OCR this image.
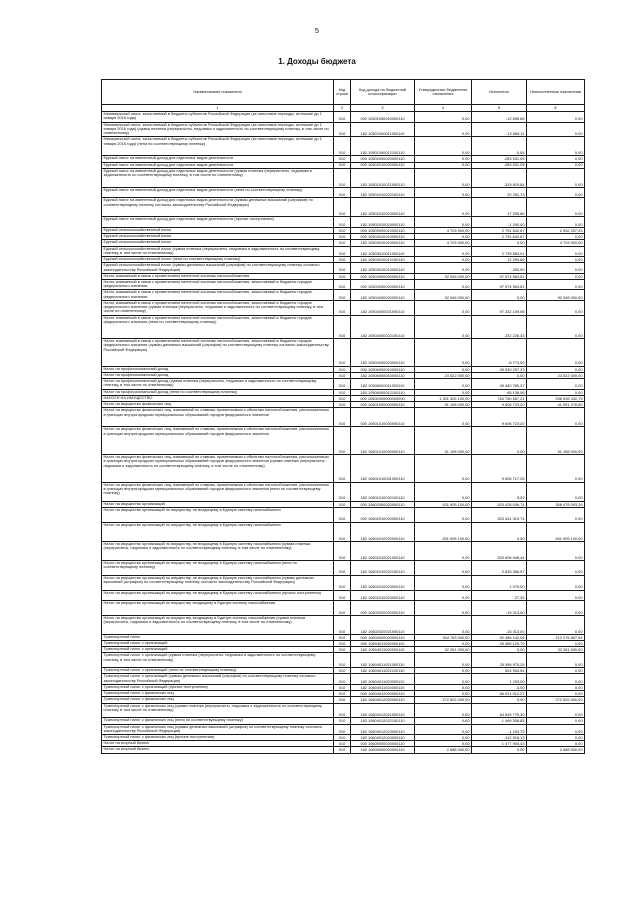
5
1. Доходы бюджета
Наименование показателя	Код строки	Код дохода по бюджетной классификации	Утвержденные бюджетные назначения	Исполнено	Неисполненные назначения
1	2	3	4	5	6
Минимальный налог, зачисляемый в бюджеты субъектов Российской Федерации (за налоговые периоды, истекшие до 1 января 2016 года)	010	000 10501050010000110	0,00	-12 696,66	0,00
Минимальный налог, зачисляемый в бюджеты субъектов Российской Федерации (за налоговые периоды, истекшие до 1 января 2016 года) (сумма платежа (перерасчеты, недоимка и задолженность по соответствующему платежу, в том числе по отмененному)	010	182 10501050011000110	0,00	-12 685,11	0,00
Минимальный налог, зачисляемый в бюджеты субъектов Российской Федерации (за налоговые периоды, истекшие до 1 января 2016 года) (пени по соответствующему платежу)	010	182 10501050012100110	0,00	-0,55	0,00
Единый налог на вмененный доход для отдельных видов деятельности	010	000 10502000020000110	0,00	-283 531,05	0,00
Единый налог на вмененный доход для отдельных видов деятельности	010	000 10502010020000110	0,00	-283 531,05	0,00
Единый налог на вмененный доход для отдельных видов деятельности (сумма платежа (перерасчеты, недоимка и задолженность по соответствующему платежу, в том числе по отмененному)	010	182 10502010021000110	0,00	-319 819,84	0,00
Единый налог на вмененный доход для отдельных видов деятельности (пени по соответствующему платежу)	010	182 10502010022100110	0,00	20 281,73	0,00
Единый налог на вмененный доход для отдельных видов деятельности (суммы денежных взысканий (штрафов) по соответствующему платежу согласно законодательству Российской Федерации)	010	182 10502010023000110	0,00	17 295,86	0,00
Единый налог на вмененный доход для отдельных видов деятельности (прочие поступления)	010	182 10502010024000110	0,00	-1 290,00	0,00
Единый сельскохозяйственный налог	010	000 10503000010000110	4 703 900,00	2 751 642,67	1 952 257,33
Единый сельскохозяйственный налог	010	000 10503010010000110	0,00	2 751 642,67	0,00
Единый сельскохозяйственный налог	010	182 10503010010000110	4 703 900,00	0,00	4 703 900,00
Единый сельскохозяйственный налог (сумма платежа (перерасчеты, недоимка и задолженность по соответствующему платежу, в том числе по отмененному)	010	182 10503010011000110	0,00	2 739 583,01	0,00
Единый сельскохозяйственный налог (пени по соответствующему платежу)	010	182 10503010012100110	0,00	12 299,66	0,00
Единый сельскохозяйственный налог (суммы денежных взысканий (штрафов) по соответствующему платежу согласно законодательству Российской Федерации)	010	182 10503010013000110	0,00	-250,00	0,00
Налог, взимаемый в связи с применением патентной системы налогообложения	010	000 10504000020000110	92 948 000,00	97 574 563,51	0,00
Налог, взимаемый в связи с применением патентной системы налогообложения, зачисляемый в бюджеты городов федерального значения	010	000 10504030020000110	0,00	97 574 563,51	0,00
Налог, взимаемый в связи с применением патентной системы налогообложения, зачисляемый в бюджеты городов федерального значения	010	182 10504030020000110	92 948 000,00	0,00	92 948 000,00
Налог, взимаемый в связи с применением патентной системы налогообложения, зачисляемый в бюджеты городов федерального значения (сумма платежа (перерасчеты, недоимка и задолженность по соответствующему платежу, в том числе по отмененному)	010	182 10504030021000110	0,00	97 332 109,08	0,00
Налог, взимаемый в связи с применением патентной системы налогообложения, зачисляемый в бюджеты городов федерального значения (пени по соответствующему платежу)	010	182 10504030022100110	0,00	232 226,33	0,00
Налог, взимаемый в связи с применением патентной системы налогообложения, зачисляемый в бюджеты городов федерального значения (суммы денежных взысканий (штрафов) по соответствующему платежу согласно законодательству Российской Федерации)	010	182 10504030023000110	0,00	-8 773,90	0,00
Налог на профессиональный доход	010	000 10506000010000110	0,00	45 539 257,23	0,00
Налог на профессиональный доход	010	182 10506000010000110	23 522 000,00	0,00	23 522 000,00
Налог на профессиональный доход (сумма платежа (перерасчеты, недоимка и задолженность по соответствующему платежу, в том числе по отмененному)	010	182 10506000011000110	0,00	45 440 789,37	0,00
Налог на профессиональный доход (пени по соответствующему платежу)	010	182 10506000012100110	0,00	65 138,56	0,00
НАЛОГИ НА ИМУЩЕСТВО	010	000 10600000000000000	1 301 326 100,00	764 760 667,21	536 539 432,79
Налог на имущество физических лиц	010	000 10601000000000110	51 198 000,00	9 606 723,20	41 591 276,80
Налог на имущество физических лиц, взимаемый по ставкам, применяемым к объектам налогообложения, расположенным в границах внутригородских муниципальных образований городов федерального значения	010	000 10601010030000110	0,00	9 606 723,20	0,00
Налог на имущество физических лиц, взимаемый по ставкам, применяемым к объектам налогообложения, расположенным в границах внутригородских муниципальных образований городов федерального значения	010	182 10601010030000110	51 198 000,00	0,00	51 198 000,00
Налог на имущество физических лиц, взимаемый по ставкам, применяемым к объектам налогообложения, расположенным в границах внутригородских муниципальных образований городов федерального значения (сумма платежа (перерасчеты, недоимка и задолженность по соответствующему платежу, в том числе по отмененному)	010	182 10601010031000110	0,00	9 606 717,26	0,00
Налог на имущество физических лиц, взимаемый по ставкам, применяемым к объектам налогообложения, расположенным в границах внутригородских муниципальных образований городов федерального значения (пени по соответствующему платежу)	010	182 10601010032100110	0,00	5,92	0,00
Налог на имущество организаций	010	000 10602000020000110	631 905 100,00	523 426 006,74	308 479 093,26
Налог на имущество организаций по имуществу, не входящему в Единую систему газоснабжения	010	000 10602010020000110	0,00	523 441 319,74	0,00
Налог на имущество организаций по имуществу, не входящему в Единую систему газоснабжения	010	182 10602010020000110	831 905 100,00	0,00	831 905 100,00
Налог на имущество организаций по имуществу, не входящему в Единую систему газоснабжения (сумма платежа (перерасчеты, недоимка и задолженность по соответствующему платежу, в том числе по отмененному)	010	182 10602010021000110	0,00	520 606 948,44	0,00
Налог на имущество организаций по имуществу, не входящему в Единую систему газоснабжения (пени по соответствующему платежу)	010	182 10602010022100110	0,00	2 833 368,97	0,00
Налог на имущество организаций по имуществу, не входящему в Единую систему газоснабжения (суммы денежных взысканий (штрафов) по соответствующему платежу согласно законодательству Российской Федерации)	010	182 10602010023000110	0,00	1 075,00	0,00
Налог на имущество организаций по имуществу, не входящему в Единую систему газоснабжения (прочие поступления)	010	182 10602010024000110	0,00	27,33	0,00
Налог на имущество организаций по имуществу, входящему в Единую систему газоснабжения	010	000 10602020020000110	0,00	-15 313,00	0,00
Налог на имущество организаций по имуществу, входящему в Единую систему газоснабжения (сумма платежа (перерасчеты, недоимка и задолженность по соответствующему платежу, в том числе по отмененному)	010	182 10602020021000110	0,00	-15 313,00	0,00
Транспортный налог	010	000 10604000020000110	304 763 000,00	92 486 142,06	212 276 857,94
Транспортный налог с организаций	010	000 10604011020000110	0,00	26 465 129,79	0,00
Транспортный налог с организаций	010	182 10604011020000110	32 261 000,00	0,00	32 261 000,00
Транспортный налог с организаций (сумма платежа (перерасчеты, недоимка и задолженность по соответствующему платежу, в том числе по отмененному)	010	182 10604011021000110	0,00	25 958 975,25	0,00
Транспортный налог с организаций (пени по соответствующему платежу)	010	182 10604011022100110	0,00	504 904,54	0,00
Транспортный налог с организаций (суммы денежных взысканий (штрафов) по соответствующему платежу согласно законодательству Российской Федерации)	010	182 10604011023000110	0,00	1 253,00	0,00
Транспортный налог с организаций (прочие поступления)	010	182 10604011024000110	0,00	-3,00	0,00
Транспортный налог с физических лиц	010	000 10604012020000110	0,00	66 021 012,27	0,00
Транспортный налог с физических лиц	010	182 10604012020000110	272 502 000,00	0,00	272 502 000,00
Транспортный налог с физических лиц (сумма платежа (перерасчеты, недоимка и задолженность по соответствующему платежу, в том числе по отмененному)	010	182 10604012021000110	0,00	64 645 775,30	0,00
Транспортный налог с физических лиц (пени по соответствующему платежу)	010	182 10604012022100110	0,00	1 489 308,85	0,00
Транспортный налог с физических лиц (суммы денежных взысканий (штрафов) по соответствующему платежу согласно законодательству Российской Федерации)	010	182 10604012023000110	0,00	-1 153,75	0,00
Транспортный налог с физических лиц (прочие поступления)	010	182 10604012024000110	0,00	-112 918,13	0,00
Налог на игорный бизнес	010	000 10605000020000110	0,00	1 477 904,43	0,00
Налог на игорный бизнес	010	182 10605000020000110	2 688 000,00	0,00	2 688 000,00
